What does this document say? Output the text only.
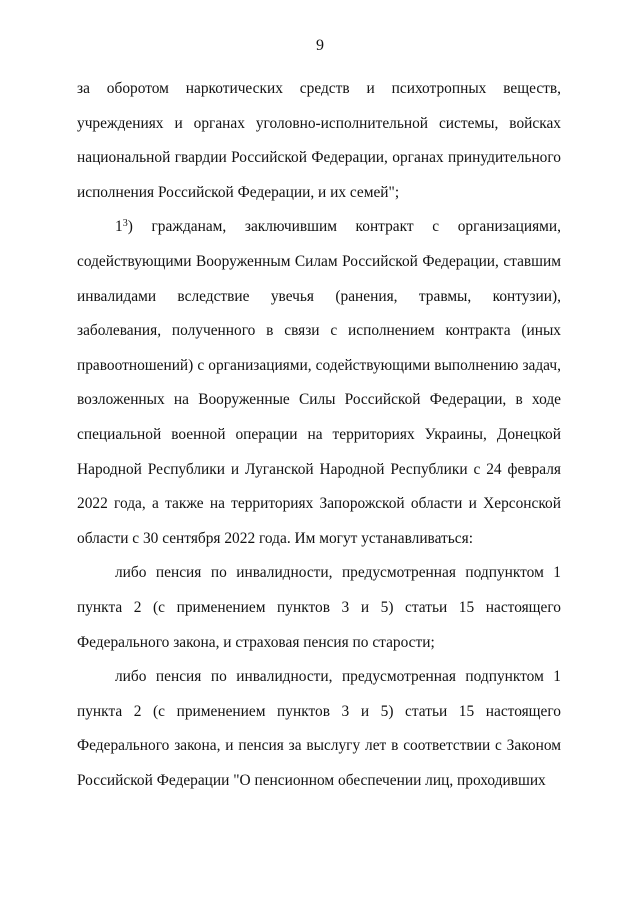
9

за оборотом наркотических средств и психотропных веществ, учреждениях и органах уголовно-исполнительной системы, войсках национальной гвардии Российской Федерации, органах принудительного исполнения Российской Федерации, и их семей";

$1^3$) гражданам, заключившим контракт с организациями, содействующими Вооруженным Силам Российской Федерации, ставшим инвалидами вследствие увечья (ранения, травмы, контузии), заболевания, полученного в связи с исполнением контракта (иных правоотношений) с организациями, содействующими выполнению задач, возложенных на Вооруженные Силы Российской Федерации, в ходе специальной военной операции на территориях Украины, Донецкой Народной Республики и Луганской Народной Республики с 24 февраля 2022 года, а также на территориях Запорожской области и Херсонской области с 30 сентября 2022 года. Им могут устанавливаться:

либо пенсия по инвалидности, предусмотренная подпунктом 1 пункта 2 (с применением пунктов 3 и 5) статьи 15 настоящего Федерального закона, и страховая пенсия по старости;

либо пенсия по инвалидности, предусмотренная подпунктом 1 пункта 2 (с применением пунктов 3 и 5) статьи 15 настоящего Федерального закона, и пенсия за выслугу лет в соответствии с Законом Российской Федерации "О пенсионном обеспечении лиц, проходивших
